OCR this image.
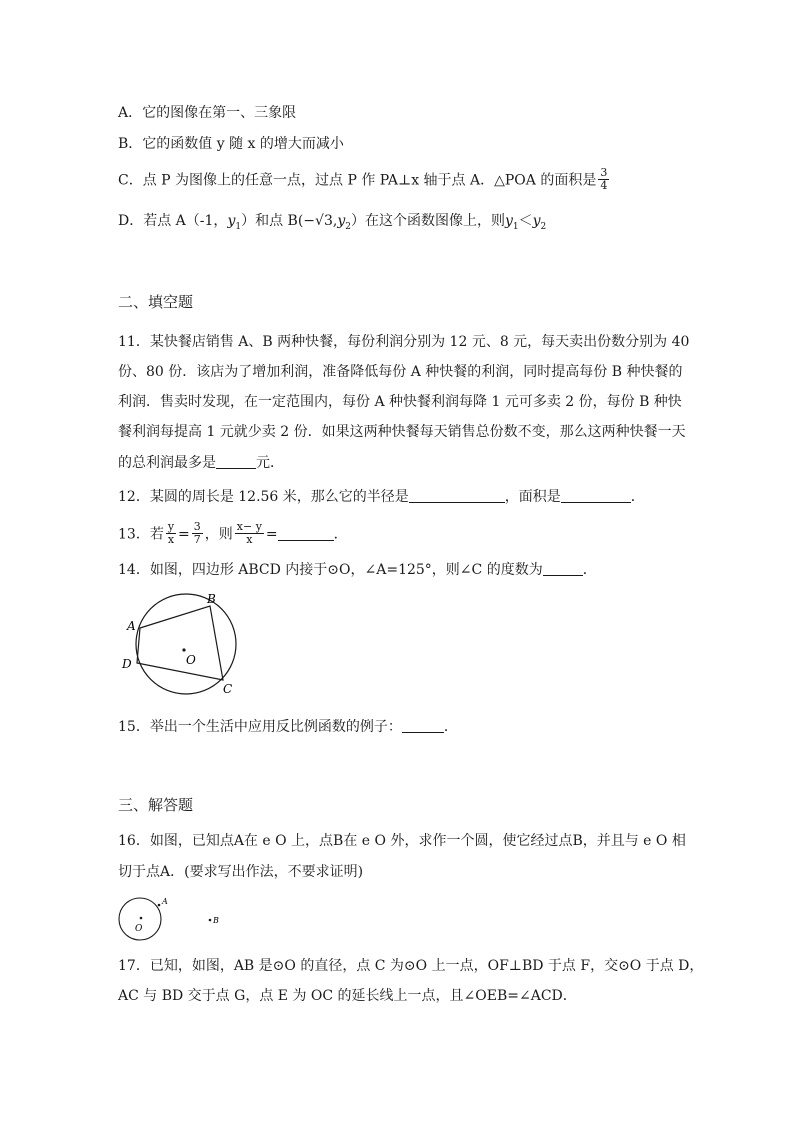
A．它的图像在第一、三象限
B．它的函数值 y 随 x 的增大而减小
C．点 P 为图像上的任意一点，过点 P 作 PA⊥x 轴于点 A．△POA 的面积是 $\frac{3}{4}$
D．若点 A（-1，$y_1$）和点 $B(-√3,y_2)$在这个函数图像上，则$y_1<y_2$
二、填空题
11．某快餐店销售 A、B 两种快餐，每份利润分别为 12 元、8 元，每天卖出份数分别为 40
份、80 份．该店为了增加利润，准备降低每份 A 种快餐的利润，同时提高每份 B 种快餐的
利润．售卖时发现，在一定范围内，每份 A 种快餐利润每降 1 元可多卖 2 份，每份 B 种快
餐利润每提高 1 元就少卖 2 份．如果这两种快餐每天销售总份数不变，那么这两种快餐一天
的总利润最多是	元．
12．某圆的周长是 12.56 米，那么它的半径是	，面积是	．
13．若 $\frac{y}{x} = \frac{3}{7}$ ，则 $\frac{x- y}{x}$ =	．
14．如图，四边形 ABCD 内接于⊙O，∠A=125°，则∠C 的度数为	．
A
B
C
D	O
15．举出一个生活中应用反比例函数的例子：	．
三、解答题
16．如图，已知点A在 e O 上，点B在 e O 外，求作一个圆，使它经过点B，并且与 e O 相
切于点A．(要求写出作法，不要求证明)
O
A
B
17．已知，如图，AB 是⊙O 的直径，点 C 为⊙O 上一点，OF⊥BD 于点 F，交⊙O 于点 D，
AC 与 BD 交于点 G，点 E 为 OC 的延长线上一点，且∠OEB=∠ACD．
